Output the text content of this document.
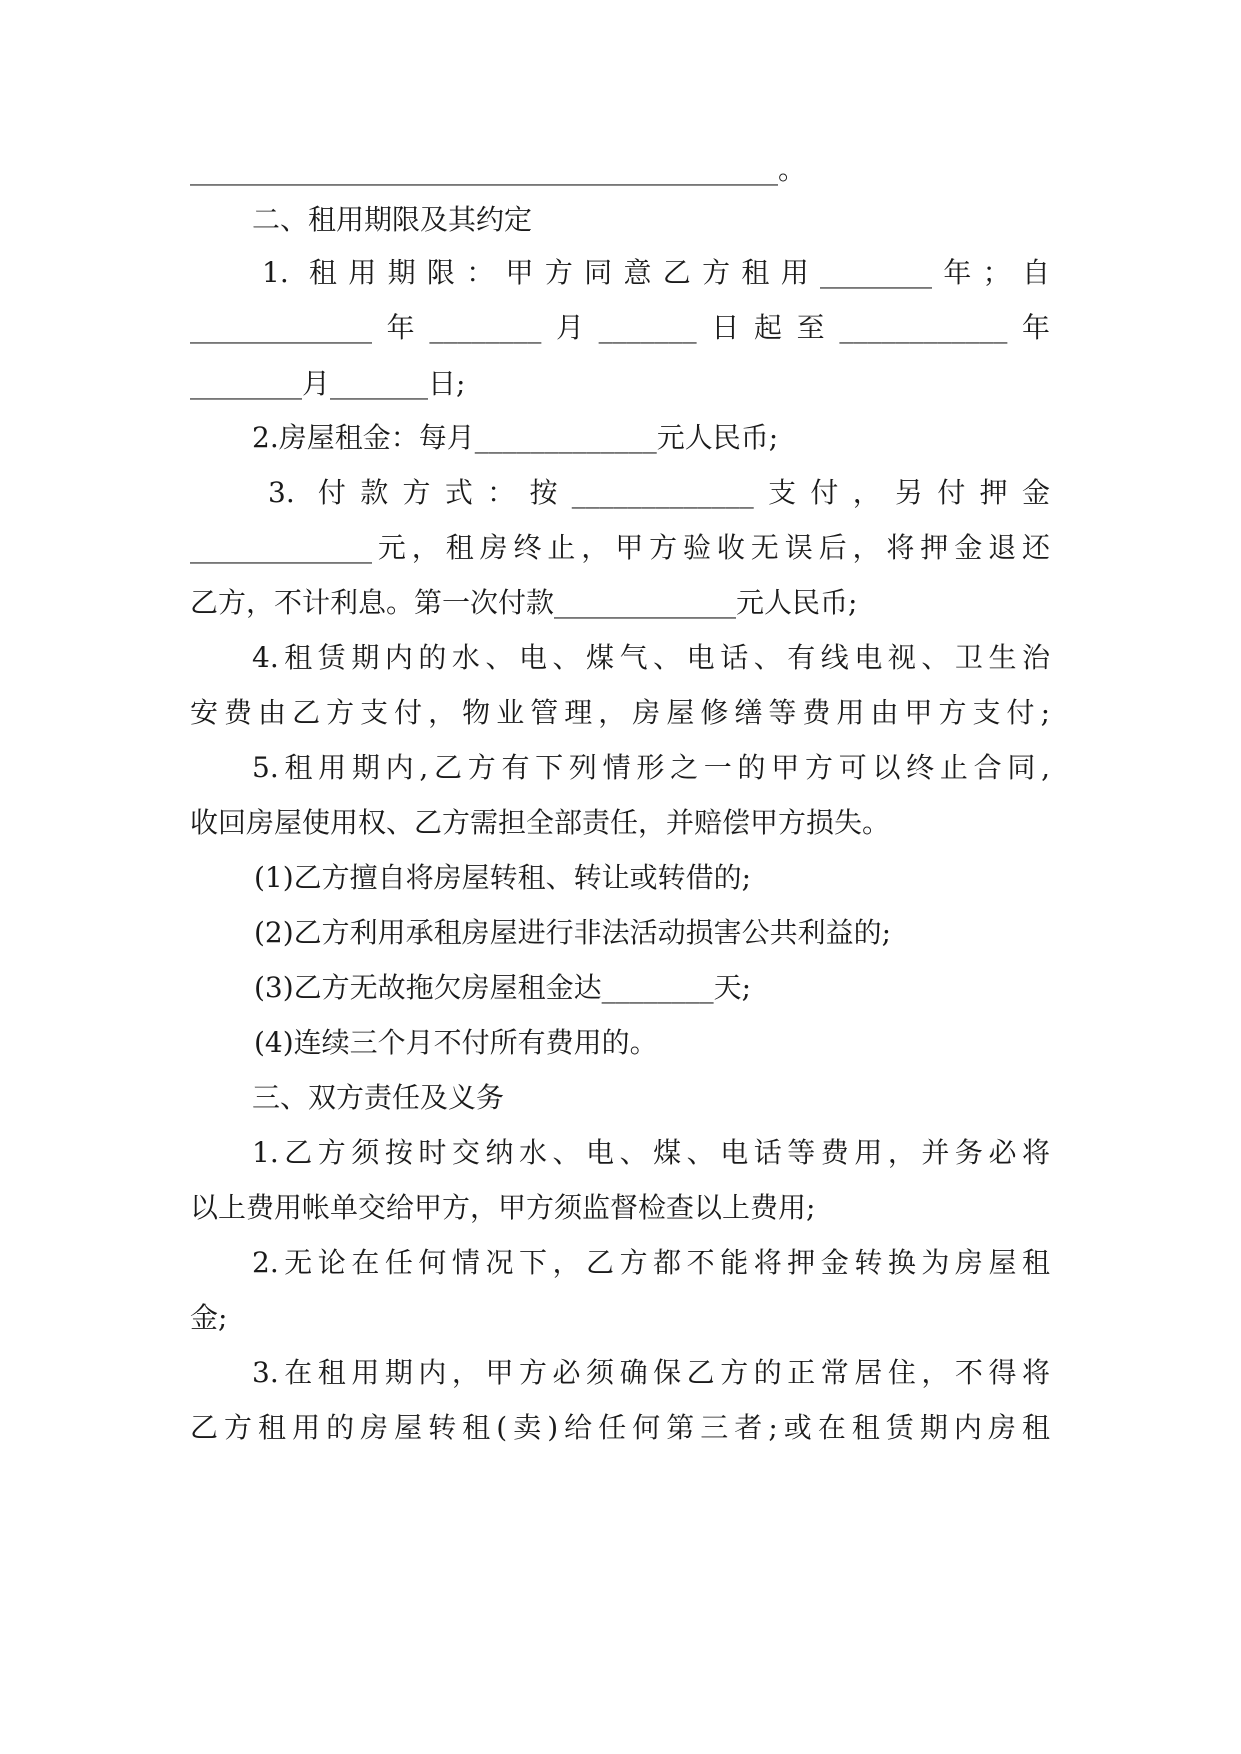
__________________________________________。
二、租用期限及其约定
1. 租用期限：甲方同意乙方租用________年；自
_____________年________月_______日起至____________年
________月_______日;
2.房屋租金：每月_____________元人民币;
3. 付款方式：按_____________支付，另付押金
_____________元，租房终止，甲方验收无误后，将押金退还
乙方，不计利息。第一次付款_____________元人民币;
4.租赁期内的水、电、煤气、电话、有线电视、卫生治
安费由乙方支付，物业管理，房屋修缮等费用由甲方支付;
5.租用期内,乙方有下列情形之一的甲方可以终止合同,
收回房屋使用权、乙方需担全部责任，并赔偿甲方损失。
(1)乙方擅自将房屋转租、转让或转借的;
(2)乙方利用承租房屋进行非法活动损害公共利益的;
(3)乙方无故拖欠房屋租金达________天;
(4)连续三个月不付所有费用的。
三、双方责任及义务
1.乙方须按时交纳水、电、煤、电话等费用，并务必将
以上费用帐单交给甲方，甲方须监督检查以上费用;
2.无论在任何情况下，乙方都不能将押金转换为房屋租
金;
3.在租用期内，甲方必须确保乙方的正常居住，不得将
乙方租用的房屋转租(卖)给任何第三者;或在租赁期内房租
